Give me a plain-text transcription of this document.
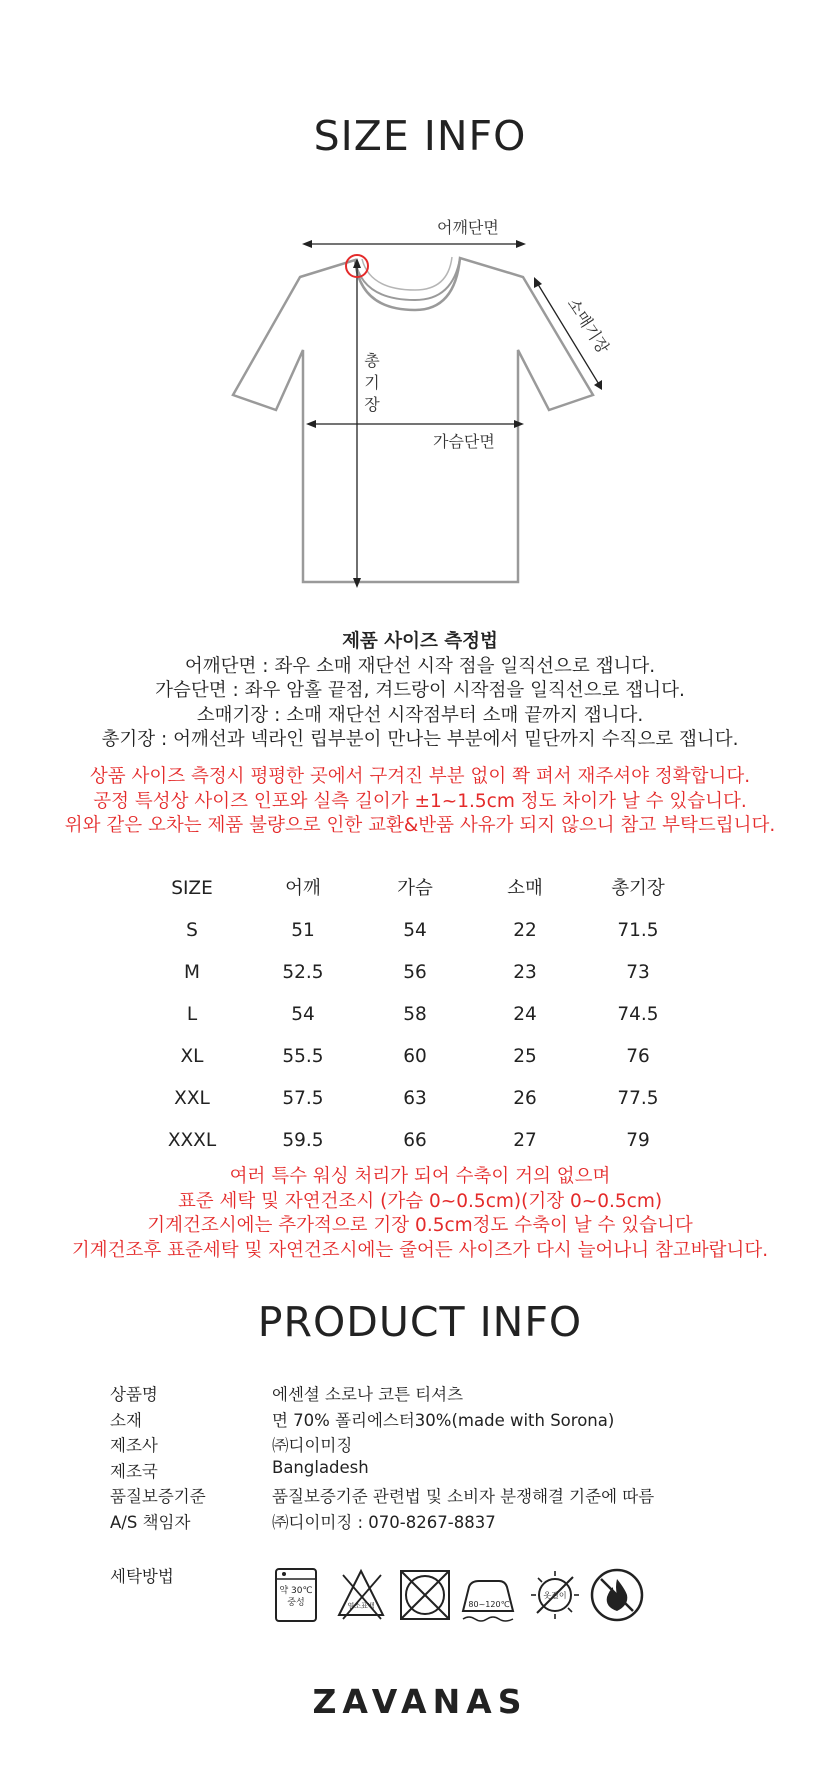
SIZE INFO
어깨단면
소매기장
총
기
장
가슴단면
제품 사이즈 측정법
어깨단면 : 좌우 소매 재단선 시작 점을 일직선으로 잽니다.
가슴단면 : 좌우 암홀 끝점, 겨드랑이 시작점을 일직선으로 잽니다.
소매기장 : 소매 재단선 시작점부터 소매 끝까지 잽니다.
총기장 : 어깨선과 넥라인 립부분이 만나는 부분에서 밑단까지 수직으로 잽니다.
상품 사이즈 측정시 평평한 곳에서 구겨진 부분 없이 쫙 펴서 재주셔야 정확합니다.
공정 특성상 사이즈 인포와 실측 길이가 ±1~1.5cm 정도 차이가 날 수 있습니다.
위와 같은 오차는 제품 불량으로 인한 교환&반품 사유가 되지 않으니 참고 부탁드립니다.
SIZE	어깨	가슴	소매	총기장
S	51	54	22	71.5
M	52.5	56	23	73
L	54	58	24	74.5
XL	55.5	60	25	76
XXL	57.5	63	26	77.5
XXXL	59.5	66	27	79
여러 특수 워싱 처리가 되어 수축이 거의 없으며
표준 세탁 및 자연건조시 (가슴 0~0.5cm)(기장 0~0.5cm)
기계건조시에는 추가적으로 기장 0.5cm정도 수축이 날 수 있습니다
기계건조후 표준세탁 및 자연건조시에는 줄어든 사이즈가 다시 늘어나니 참고바랍니다.
PRODUCT INFO
상품명	에센셜 소로나 코튼 티셔츠
소재	면 70% 폴리에스터30%(made with Sorona)
제조사	㈜디이미징
제조국	Bangladesh
품질보증기준	품질보증기준 관련법 및 소비자 분쟁해결 기준에 따름
A/S 책임자	㈜디이미징 : 070-8267-8837
세탁방법
약 30℃
중성	염소표백	80~120℃
옷걸이
ZAVANAS
